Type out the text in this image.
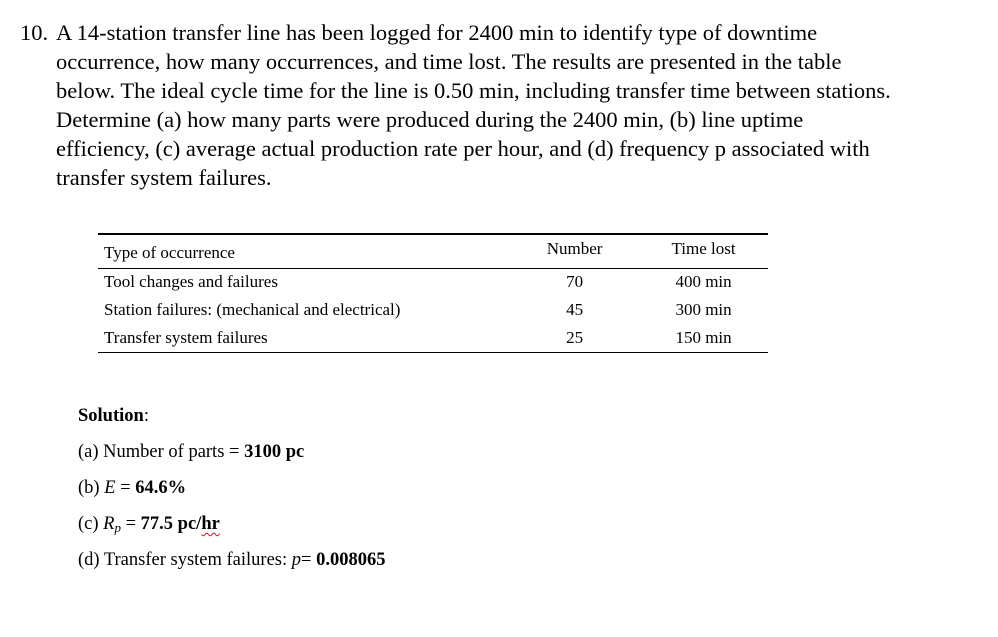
10. A 14-station transfer line has been logged for 2400 min to identify type of downtime
occurrence, how many occurrences, and time lost. The results are presented in the table
below. The ideal cycle time for the line is 0.50 min, including transfer time between stations.
Determine (a) how many parts were produced during the 2400 min, (b) line uptime
efficiency, (c) average actual production rate per hour, and (d) frequency p associated with
transfer system failures.
Type of occurrence	Number	Time lost
Tool changes and failures	70	400 min
Station failures: (mechanical and electrical)	45	300 min
Transfer system failures	25	150 min
Solution:
(a) Number of parts = 3100 pc
(b) E = 64.6%
(c) $R_p = 77.5$ pc/hr
(d) Transfer system failures: p= 0.008065
